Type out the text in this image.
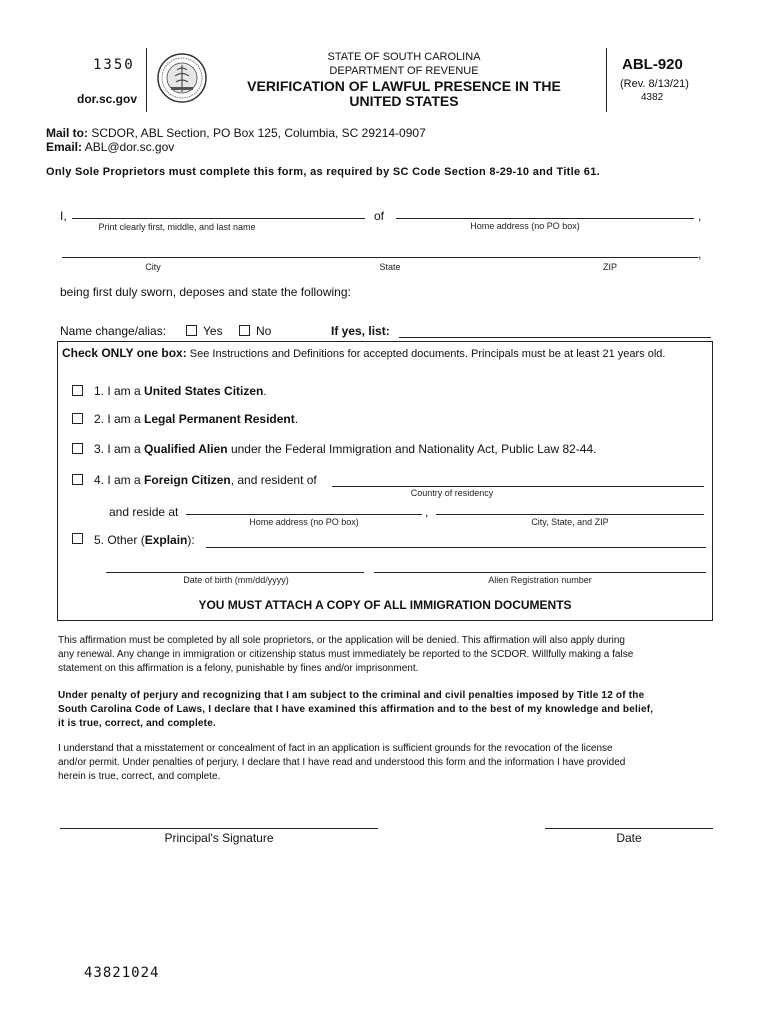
1350
dor.sc.gov
STATE OF SOUTH CAROLINA
DEPARTMENT OF REVENUE
VERIFICATION OF LAWFUL PRESENCE IN THE
UNITED STATES
ABL-920
(Rev. 8/13/21)
4382
Mail to: SCDOR, ABL Section, PO Box 125, Columbia, SC 29214-0907
Email: ABL@dor.sc.gov
Only Sole Proprietors must complete this form, as required by SC Code Section 8-29-10 and Title 61.
I,
Print clearly first, middle, and last name
of	,
Home address (no PO box)
,
City	State	ZIP
being first duly sworn, deposes and state the following:
Name change/alias:	Yes	No	If yes, list:
Check ONLY one box: See Instructions and Definitions for accepted documents. Principals must be at least 21 years old.
1. I am a United States Citizen.
2. I am a Legal Permanent Resident.
3. I am a Qualified Alien under the Federal Immigration and Nationality Act, Public Law 82-44.
4. I am a Foreign Citizen, and resident of
Country of residency
and reside at	,
Home address (no PO box)	City, State, and ZIP
5. Other (Explain):
Date of birth (mm/dd/yyyy)	Alien Registration number
YOU MUST ATTACH A COPY OF ALL IMMIGRATION DOCUMENTS
This affirmation must be completed by all sole proprietors, or the application will be denied. This affirmation will also apply during
any renewal. Any change in immigration or citizenship status must immediately be reported to the SCDOR. Willfully making a false
statement on this affirmation is a felony, punishable by fines and/or imprisonment.
Under penalty of perjury and recognizing that I am subject to the criminal and civil penalties imposed by Title 12 of the
South Carolina Code of Laws, I declare that I have examined this affirmation and to the best of my knowledge and belief,
it is true, correct, and complete.
I understand that a misstatement or concealment of fact in an application is sufficient grounds for the revocation of the license
and/or permit. Under penalties of perjury, I declare that I have read and understood this form and the information I have provided
herein is true, correct, and complete.
Principal's Signature	Date
43821024
